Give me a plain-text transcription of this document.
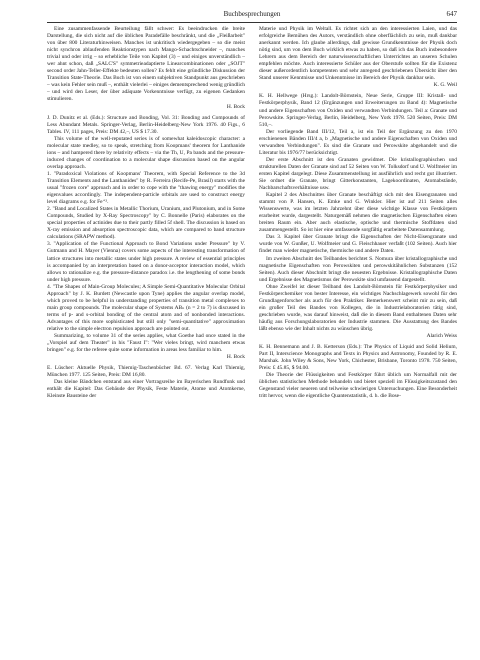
Buchbesprechungen	647

Eine zusammenfassende Beurteilung fällt schwer: Es beeindrucken die breite Darstellung, die sich nicht auf die üblichen Paradefälle beschränkt, und die „Fleißarbeit" von über 800 Literaturhinweisen. Manches ist unkritisch wiedergegeben – so die meist nicht synchron ablaufenden Reaktionstypen nach Mango-Schachtschneider –, manches trivial und oder irrig – so erhebliche Teile von Kapitel (3) – und einiges unverständlich – wer ahnt schon, daß „SALC'S" symmetrieadaptierte Linearcombinationen oder „SOJT" second order Jahn-Teller-Effekte bedeuten sollen? Es fehlt eine gründliche Diskussion der Transition State-Theorie. Das Buch ist von einem subjektiven Standpunkt aus geschrieben – was kein Fehler sein muß –, enthält vielerlei – einiges dementsprechend wenig gründlich – und wird den Leser, der über adäquate Vorkenntnisse verfügt, zu eigenen Gedanken stimulieren.

H. Bock

J. D. Dunitz et al. (Eds.): Structure and Bonding, Vol. 31: Bonding and Compounds of Less Abundant Metals. Springer-Verlag, Berlin-Heidelberg-New York 1976. 40 Figs., 6 Tables. IV, 111 pages, Preis: DM 42,–, US $ 17.30.

This volume of the well-reputated series is of somewhat kaleidoscopic character: a molecular state medley, so to speak, stretching from Koopmans' theorem for Lanthanide ions – and hampered there by relativity effects – via the Th, U, Pa bands and the pressure-induced changes of coordination to a molecular shape discussion based on the angular overlap approach.

1. "Paradoxical Violations of Koopmans' Theorem, with Special Reference to the 3d Transition Elements and the Lanthanides" by R. Ferreira (Recife-Pe, Brasil) starts with the usual "frozen core" approach and in order to cope with the "thawing energy" modifies the eigenvalues accordingly. The independent-particle orbitals are used to construct energy level diagrams e.g. for Fe⁺².

2. "Band and Localized States in Metallic Thorium, Uranium, and Plutonium, and in Some Compounds, Studied by X-Ray Spectroscopy" by C. Bonnelle (Paris) elaborates on the special properties of actinides due to their partly filled 5f shell. The discussion is based on X-ray emission and absorption spectroscopic data, which are compared to band structure calculations (SRAPW method).

3. "Application of the Functional Approach to Bond Variations under Pressure" by V. Gutmann and H. Mayer (Vienna) covers some aspects of the interesting transformation of lattice structures into metallic states under high pressure. A review of essential principles is accompanied by an interpretation based on a donor-acceptor interaction model, which allows to rationalize e.g. the pressure-distance paradox i.e. the lengthening of some bonds under high pressure.

4. "The Shapes of Main-Group Molecules; A Simple Semi-Quantitative Molecular Orbital Approach" by J. K. Burdett (Newcastle upon Tyne) applies the angular overlap model, which proved to be helpful in understanding properties of transition metal complexes to main group compounds. The molecular shape of Systems ABₙ (n = 2 to 7) is discussed in terms of p- and s-orbital bonding of the central atom and of nonbonded interactions. Advantages of this more sophisticated but still only "semi-quantitative" approximation relative to the simple electron repulsion approach are pointed out.

Summarizing, to volume 31 of the series applies, what Goethe had once stated in the „Vorspiel auf dem Theater" in his "Faust I": "Wer vieles bringt, wird manchem etwas bringen" e.g. for the referee quite some information in areas less familiar to him.

H. Bock

E. Lüscher: Aktuelle Physik, Thiemig-Taschenbücher Bd. 67. Verlag Karl Thiemig, München 1977. 125 Seiten, Preis: DM 16,80.

Das kleine Bändchen entstand aus einer Vortragsreihe im Bayerischen Rundfunk und enthält die Kapitel: Das Gebäude der Physik, Feste Materie, Atome und Atomkerne, Kleinste Bausteine der

Materie und Physik im Weltall. Es richtet sich an den interessierten Laien, und das erfolgreiche Bemühen des Autors, verständlich ohne oberflächlich zu sein, muß dankbar anerkannt werden. Ich glaube allerdings, daß gewisse Grundkenntnisse der Physik doch nötig sind, um von dem Buch wirklich etwas zu haben, so daß ich das Buch insbesondere Lehrern aus dem Bereich der naturwissenschaftlichen Unterrichtes an unseren Schulen empfehlen möchte. Auch interessierte Schüler aus der Oberstufe sollten für die Existenz dieser außerordentlich kompetenten und sehr anregend geschriebenen Übersicht über den Stand unserer Kenntnisse und Unkenntnisse im Bereich der Physik dankbar sein.

K. G. Weil

K. H. Hellwege (Hrsg.): Landolt-Börnstein, Neue Serie, Gruppe III: Kristall- und Festkörperphysik, Band 12 (Ergänzungen und Erweiterungen zu Band 4): Magnetische und andere Eigenschaften von Oxiden und verwandten Verbindungen. Teil a: Granate und Perowskite. Springer-Verlag, Berlin, Heidelberg, New York 1978. 520 Seiten, Preis: DM 510,–.

Der vorliegende Band III/12, Teil a, ist ein Teil der Ergänzung zu den 1970 erschienenen Bänden III/4 a, b „Magnetische und andere Eigenschaften von Oxiden und verwandten Verbindungen". Es sind die Granate und Perowskite abgehandelt und die Literatur bis 1976/77 berücksichtigt.

Der erste Abschnitt ist den Granaten gewidmet. Die kristallographischen und strukturellen Daten der Granate sind auf 52 Seiten von W. Tolksdorf und U. Wolfmeier im ersten Kapitel dargelegt. Diese Zusammenstellung ist ausführlich und recht gut illustriert. Sie ordnet die Granate, bringt Gitterkonstanten, Lagekoordinaten, Atomabstände, Nachbarschaftsverhältnisse usw.

Kapitel 2 des Abschnittes über Granate beschäftigt sich mit den Eisengranaten und stammt von P. Hansen, K. Emke und G. Winkler. Hier ist auf 211 Seiten alles Wissenswerte, was im letzten Jahrzehnt über diese wichtige Klasse von Festkörpern erarbeitet wurde, dargestellt. Naturgemäß nehmen die magnetischen Eigenschaften einen breiten Raum ein. Aber auch elastische, optische und thermische Stoffdaten sind zusammengestellt. So ist hier eine umfassende sorgfältig erarbeitete Datensammlung.

Das 3. Kapitel über Granate bringt die Eigenschaften der Nicht-Eisengranate und wurde von W. Gunßer, U. Wolfmeier und G. Fleischhauer verfaßt (102 Seiten). Auch hier findet man wieder magnetische, thermische und andere Daten.

Im zweiten Abschnitt des Teilbandes berichtet S. Nomura über kristallographische und magnetische Eigenschaften von Perowskiten und perowskitähnlichen Substanzen (152 Seiten). Auch dieser Abschnitt bringt die neuesten Ergebnisse. Kristallographische Daten und Ergebnisse des Magnetismus der Perowskite sind umfassend dargestellt.

Ohne Zweifel ist dieser Teilband des Landolt-Börnstein für Festkörperphysiker und Festkörperchemiker von bester Interesse, ein wichtiges Nachschlagewerk sowohl für den Grundlagenforscher als auch für den Praktiker. Bemerkenswert scheint mir zu sein, daß ein großer Teil des Bandes von Kollegen, die in Industrielaboratorien tätig sind, geschrieben wurde, was darauf hinweist, daß die in diesem Band enthaltenen Daten sehr häufig aus Forschungslaboratorien der Industrie stammen. Die Ausstattung des Bandes läßt ebenso wie der Inhalt nichts zu wünschen übrig.

Alarich Weiss

K. H. Bennemann and J. B. Ketterson (Eds.): The Physics of Liquid and Solid Helium, Part II, Interscience Monographs and Texts in Physics and Astronomy, Founded by R. E. Marshak. John Wiley & Sons, New York, Chichester, Brisbane, Toronto 1978. 750 Seiten, Preis: £ 45.85, $ 94.00.

Die Theorie der Flüssigkeiten und Festkörper führt üblich um Normalfall mit der üblichen statistischen Methode behandeln und bietet speziell im Flüssigkeitszustand den Gegenstand vieler neueren und teilweise schwierigen Untersuchungen. Eine Besonderheit tritt hervor, wenn die eigentliche Quantenstatistik, d. h. die Bose-
